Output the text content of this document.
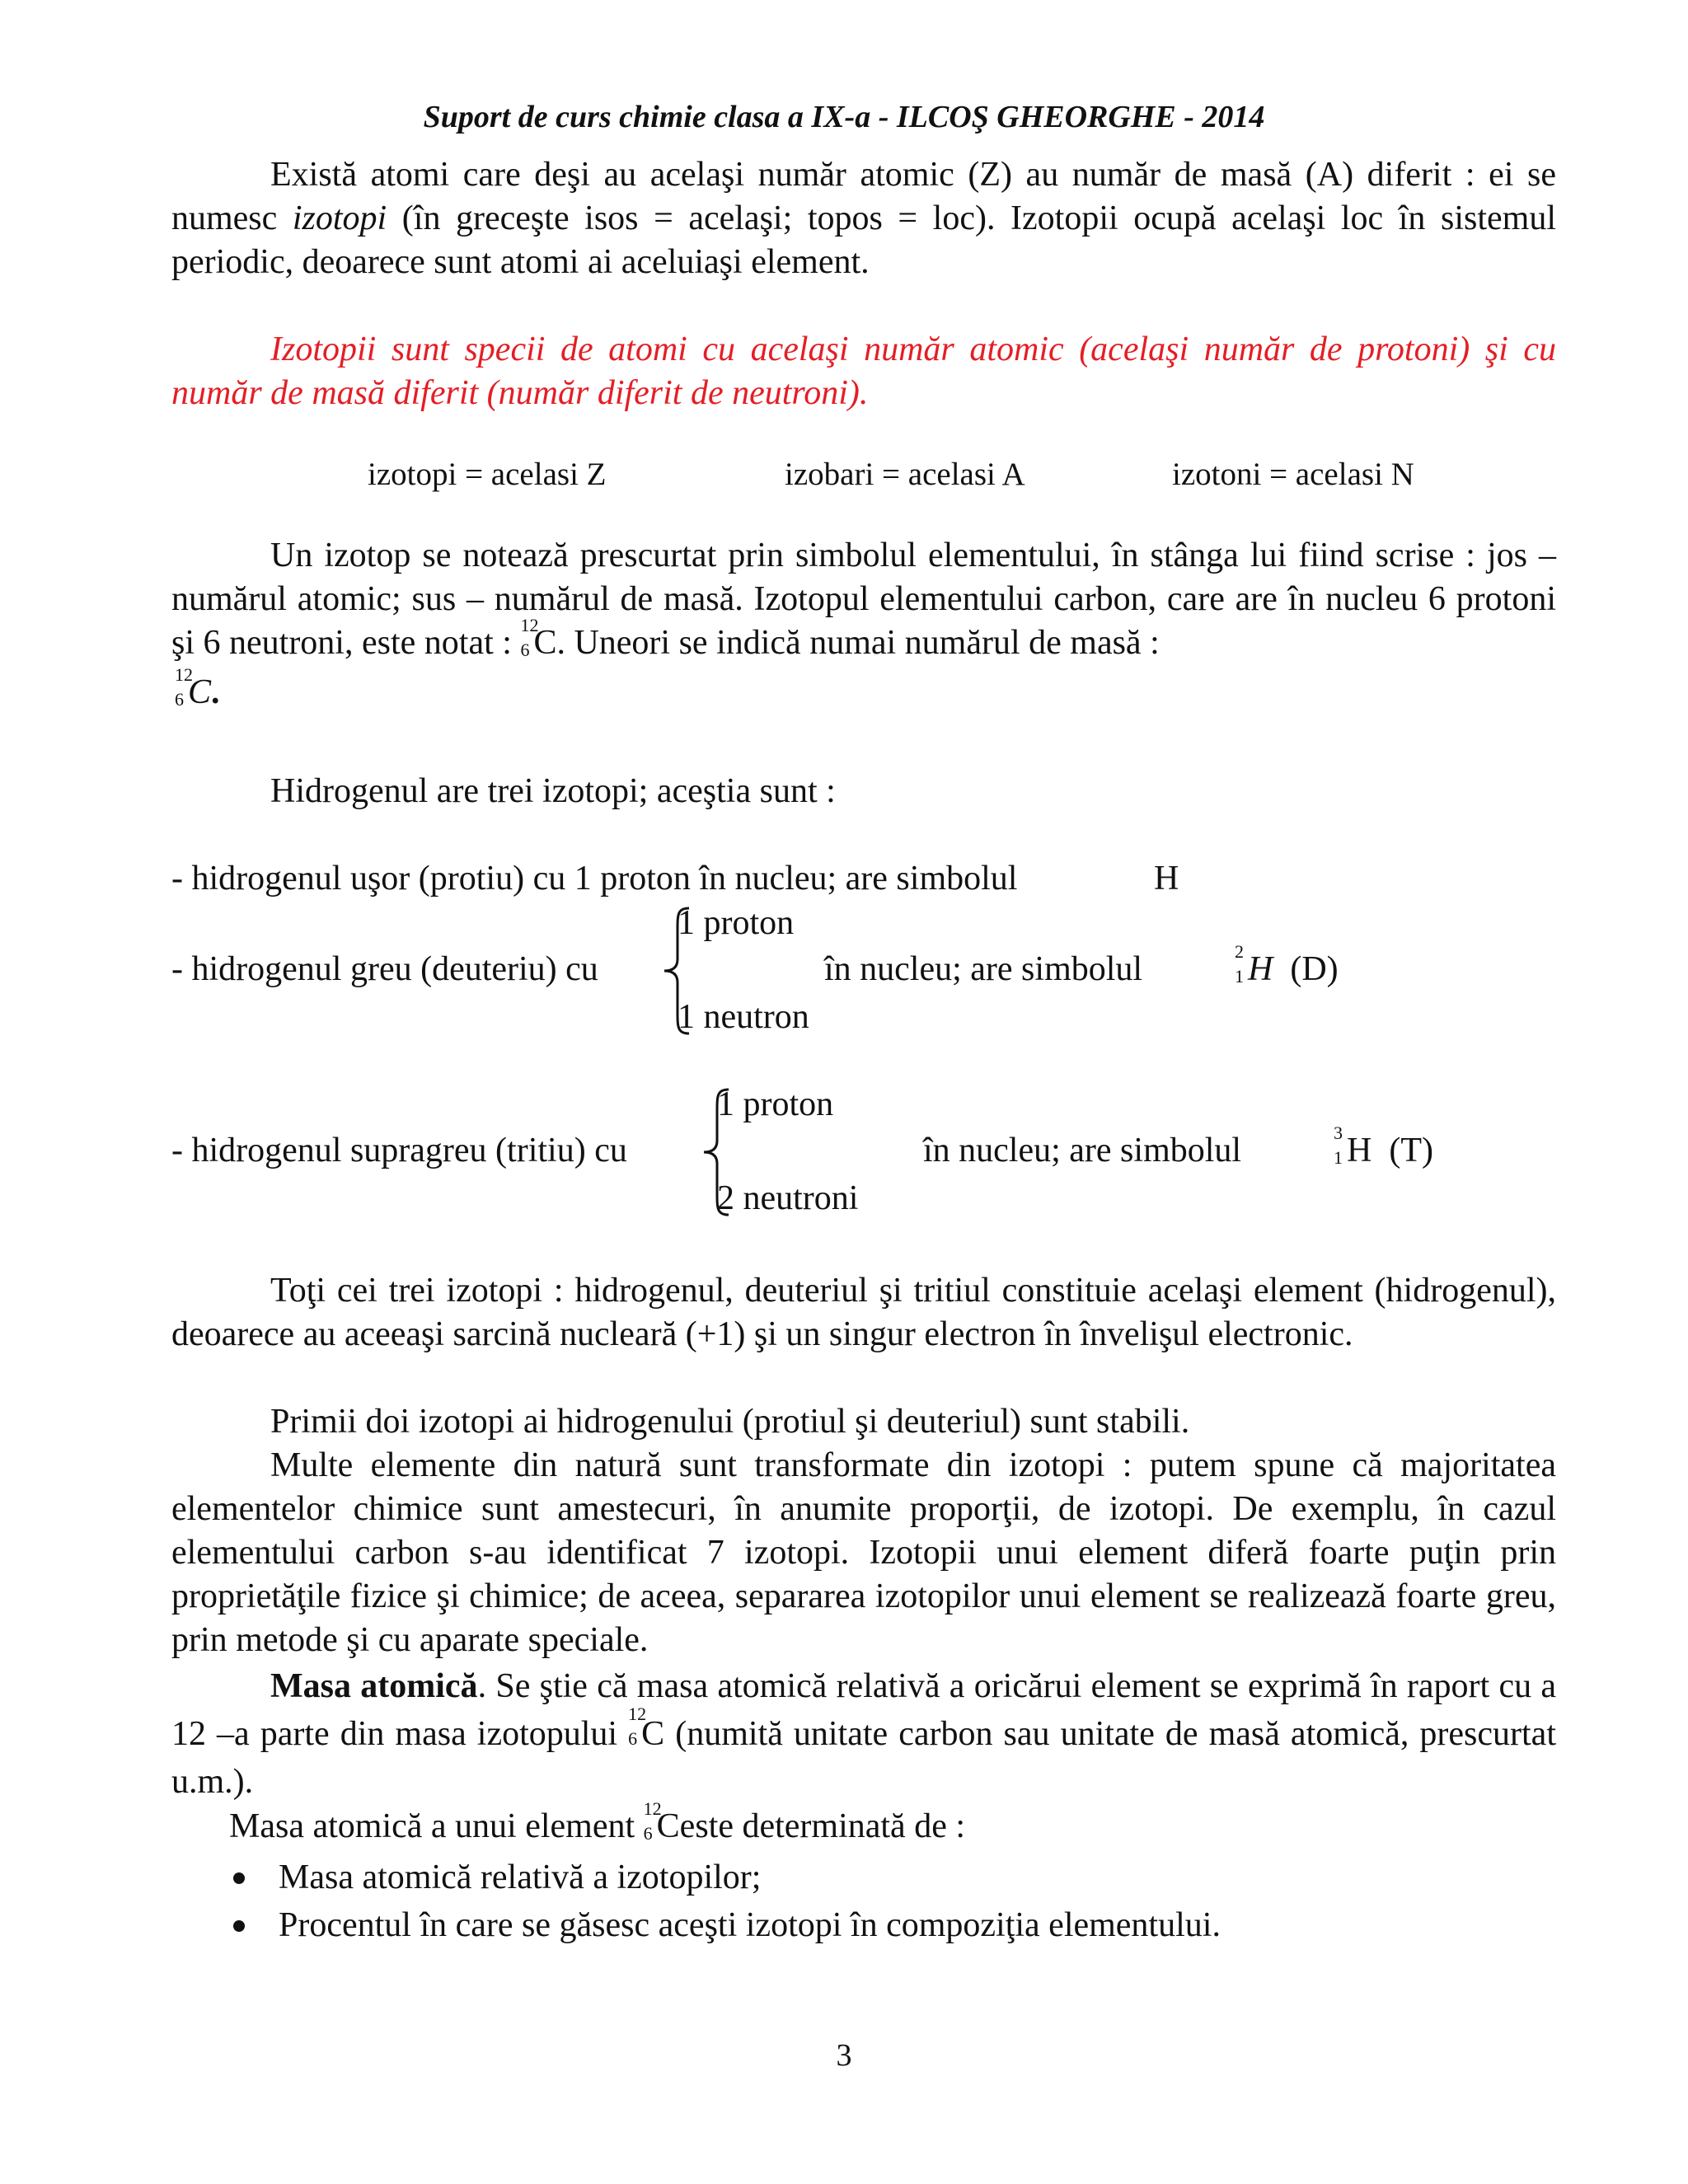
Suport de curs chimie clasa a IX-a - ILCOŞ GHEORGHE - 2014
Există atomi care deşi au acelaşi număr atomic (Z) au număr de masă (A) diferit : ei se numesc izotopi (în greceşte isos = acelaşi; topos = loc). Izotopii ocupă acelaşi loc în sistemul periodic, deoarece sunt atomi ai aceluiaşi element.
Izotopii sunt specii de atomi cu acelaşi număr atomic (acelaşi număr de protoni) şi cu număr de masă diferit (număr diferit de neutroni).
izotopi = acelasi Z	izobari = acelasi A	izotoni = acelasi N
Un izotop se notează prescurtat prin simbolul elementului, în stânga lui fiind scrise : jos – numărul atomic; sus – numărul de masă. Izotopul elementului carbon, care are în nucleu 6 protoni şi 6 neutroni, este notat : 12
6 C. Uneori se indică numai numărul de masă :
12
6 C.
Hidrogenul are trei izotopi; aceştia sunt :
- hidrogenul uşor (protiu) cu 1 proton în nucleu; are simbolul	H
- hidrogenul greu (deuteriu) cu
1 proton
1 neutron
în nucleu; are simbolul	2
1 H (D)
- hidrogenul supragreu (tritiu) cu
1 proton
2 neutroni
în nucleu; are simbolul	3
1 H (T)
Toţi cei trei izotopi : hidrogenul, deuteriul şi tritiul constituie acelaşi element (hidrogenul), deoarece au aceeaşi sarcină nucleară (+1) şi un singur electron în învelişul electronic.
Primii doi izotopi ai hidrogenului (protiul şi deuteriul) sunt stabili.
Multe elemente din natură sunt transformate din izotopi : putem spune că majoritatea elementelor chimice sunt amestecuri, în anumite proporţii, de izotopi. De exemplu, în cazul elementului carbon s-au identificat 7 izotopi. Izotopii unui element diferă foarte puţin prin proprietăţile fizice şi chimice; de aceea, separarea izotopilor unui element se realizează foarte greu, prin metode şi cu aparate speciale.
Masa atomică. Se ştie că masa atomică relativă a oricărui element se exprimă în raport cu a 12 –a parte din masa izotopului
12
6 C (numită unitate carbon sau unitate de masă atomică, prescurtat u.m.).
Masa atomică a unui element 12
6 Ceste determinată de :
Masa atomică relativă a izotopilor;
Procentul în care se găsesc aceşti izotopi în compoziţia elementului.
3
